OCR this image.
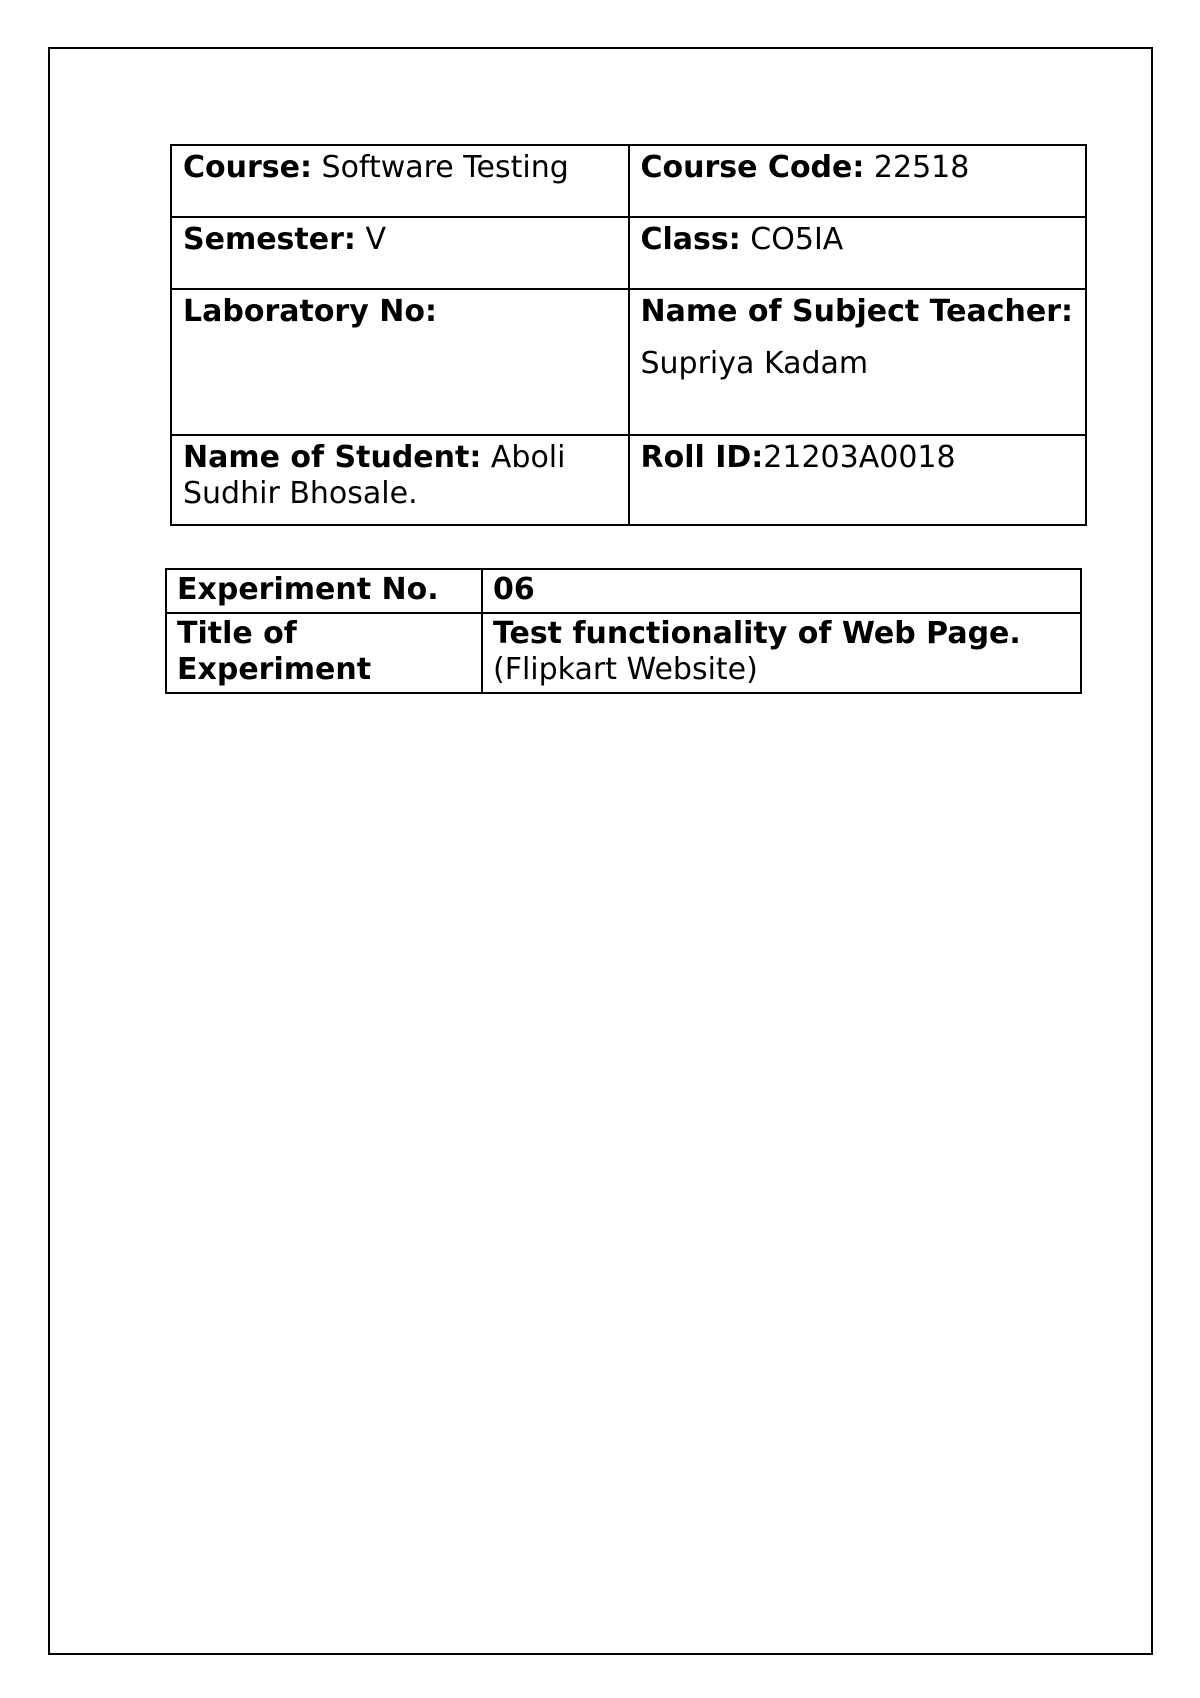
Course: Software Testing	Course Code: 22518
Semester: V	Class: CO5IA
Laboratory No:	Name of Subject Teacher:
Supriya Kadam

Name of Student: Aboli Sudhir Bhosale.	Roll ID:21203A0018
Experiment No.	06
Title of Experiment	Test functionality of Web Page.
(Flipkart Website)
